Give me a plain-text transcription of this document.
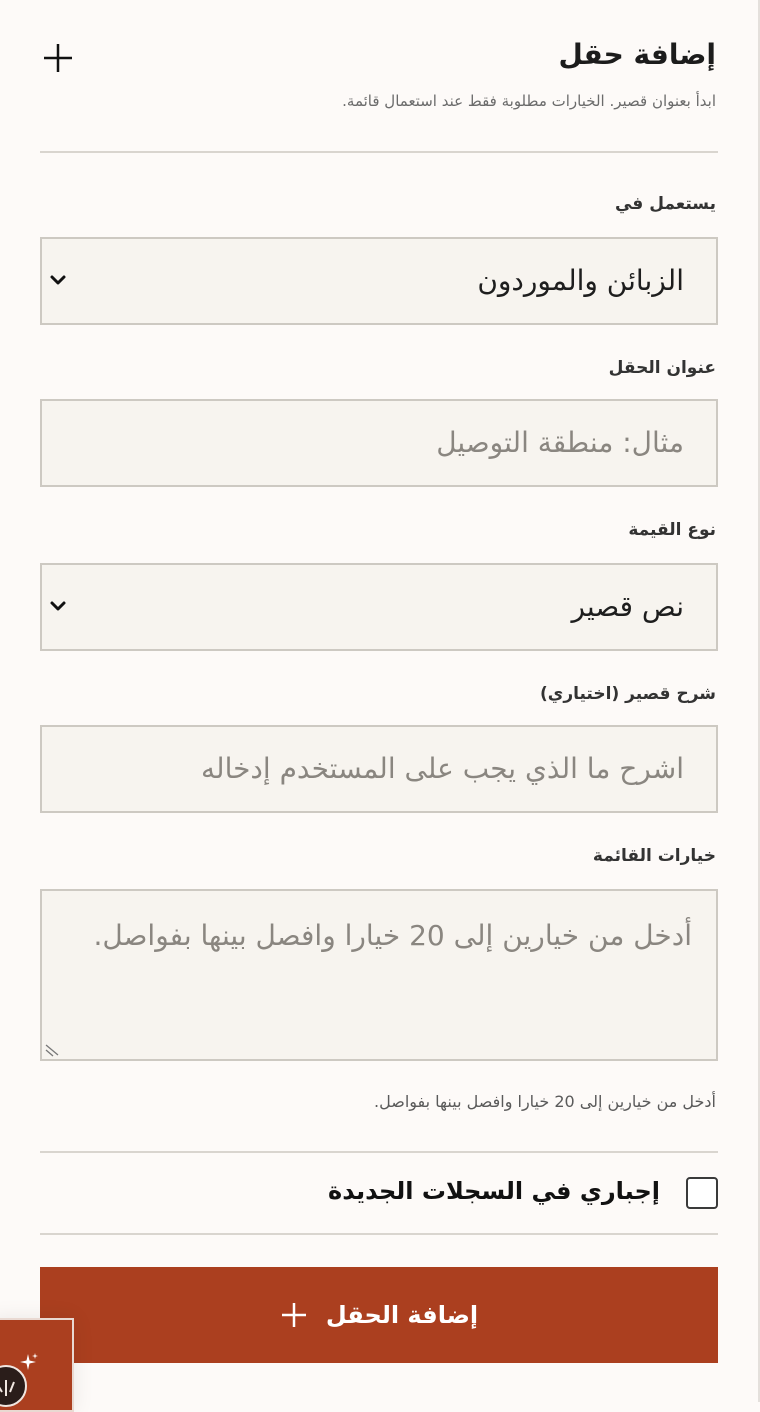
إضافة حقل
ابدأ بعنوان قصير. الخيارات مطلوبة فقط عند استعمال قائمة.
يستعمل في
الزبائن والموردون
عنوان الحقل
مثال: منطقة التوصيل
نوع القيمة
نص قصير
شرح قصير (اختياري)
اشرح ما الذي يجب على المستخدم إدخاله
خيارات القائمة
أدخل من خيارين إلى 20 خيارا وافصل بينها بفواصل.
أدخل من خيارين إلى 20 خيارا وافصل بينها بفواصل.
إجباري في السجلات الجديدة
إضافة الحقل
